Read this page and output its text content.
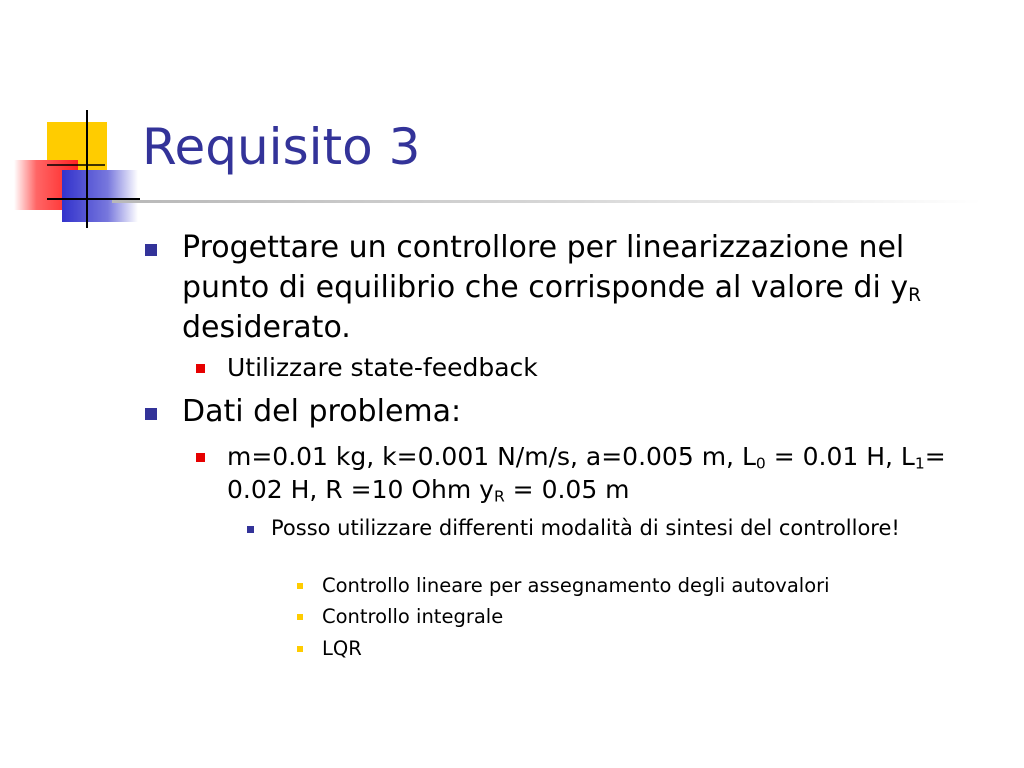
Requisito 3
Progettare un controllore per linearizzazione nel punto di equilibrio che corrisponde al valore di $y_R$ desiderato.
Utilizzare state-feedback
Dati del problema:
m=0.01 kg, k=0.001 N/m/s, a=0.005 m, $L_0 = 0.01$ H, $L_1= 0.02$ H, R =10 Ohm $y_R = 0.05$ m
Posso utilizzare differenti modalità di sintesi del controllore!
Controllo lineare per assegnamento degli autovalori
Controllo integrale
LQR
